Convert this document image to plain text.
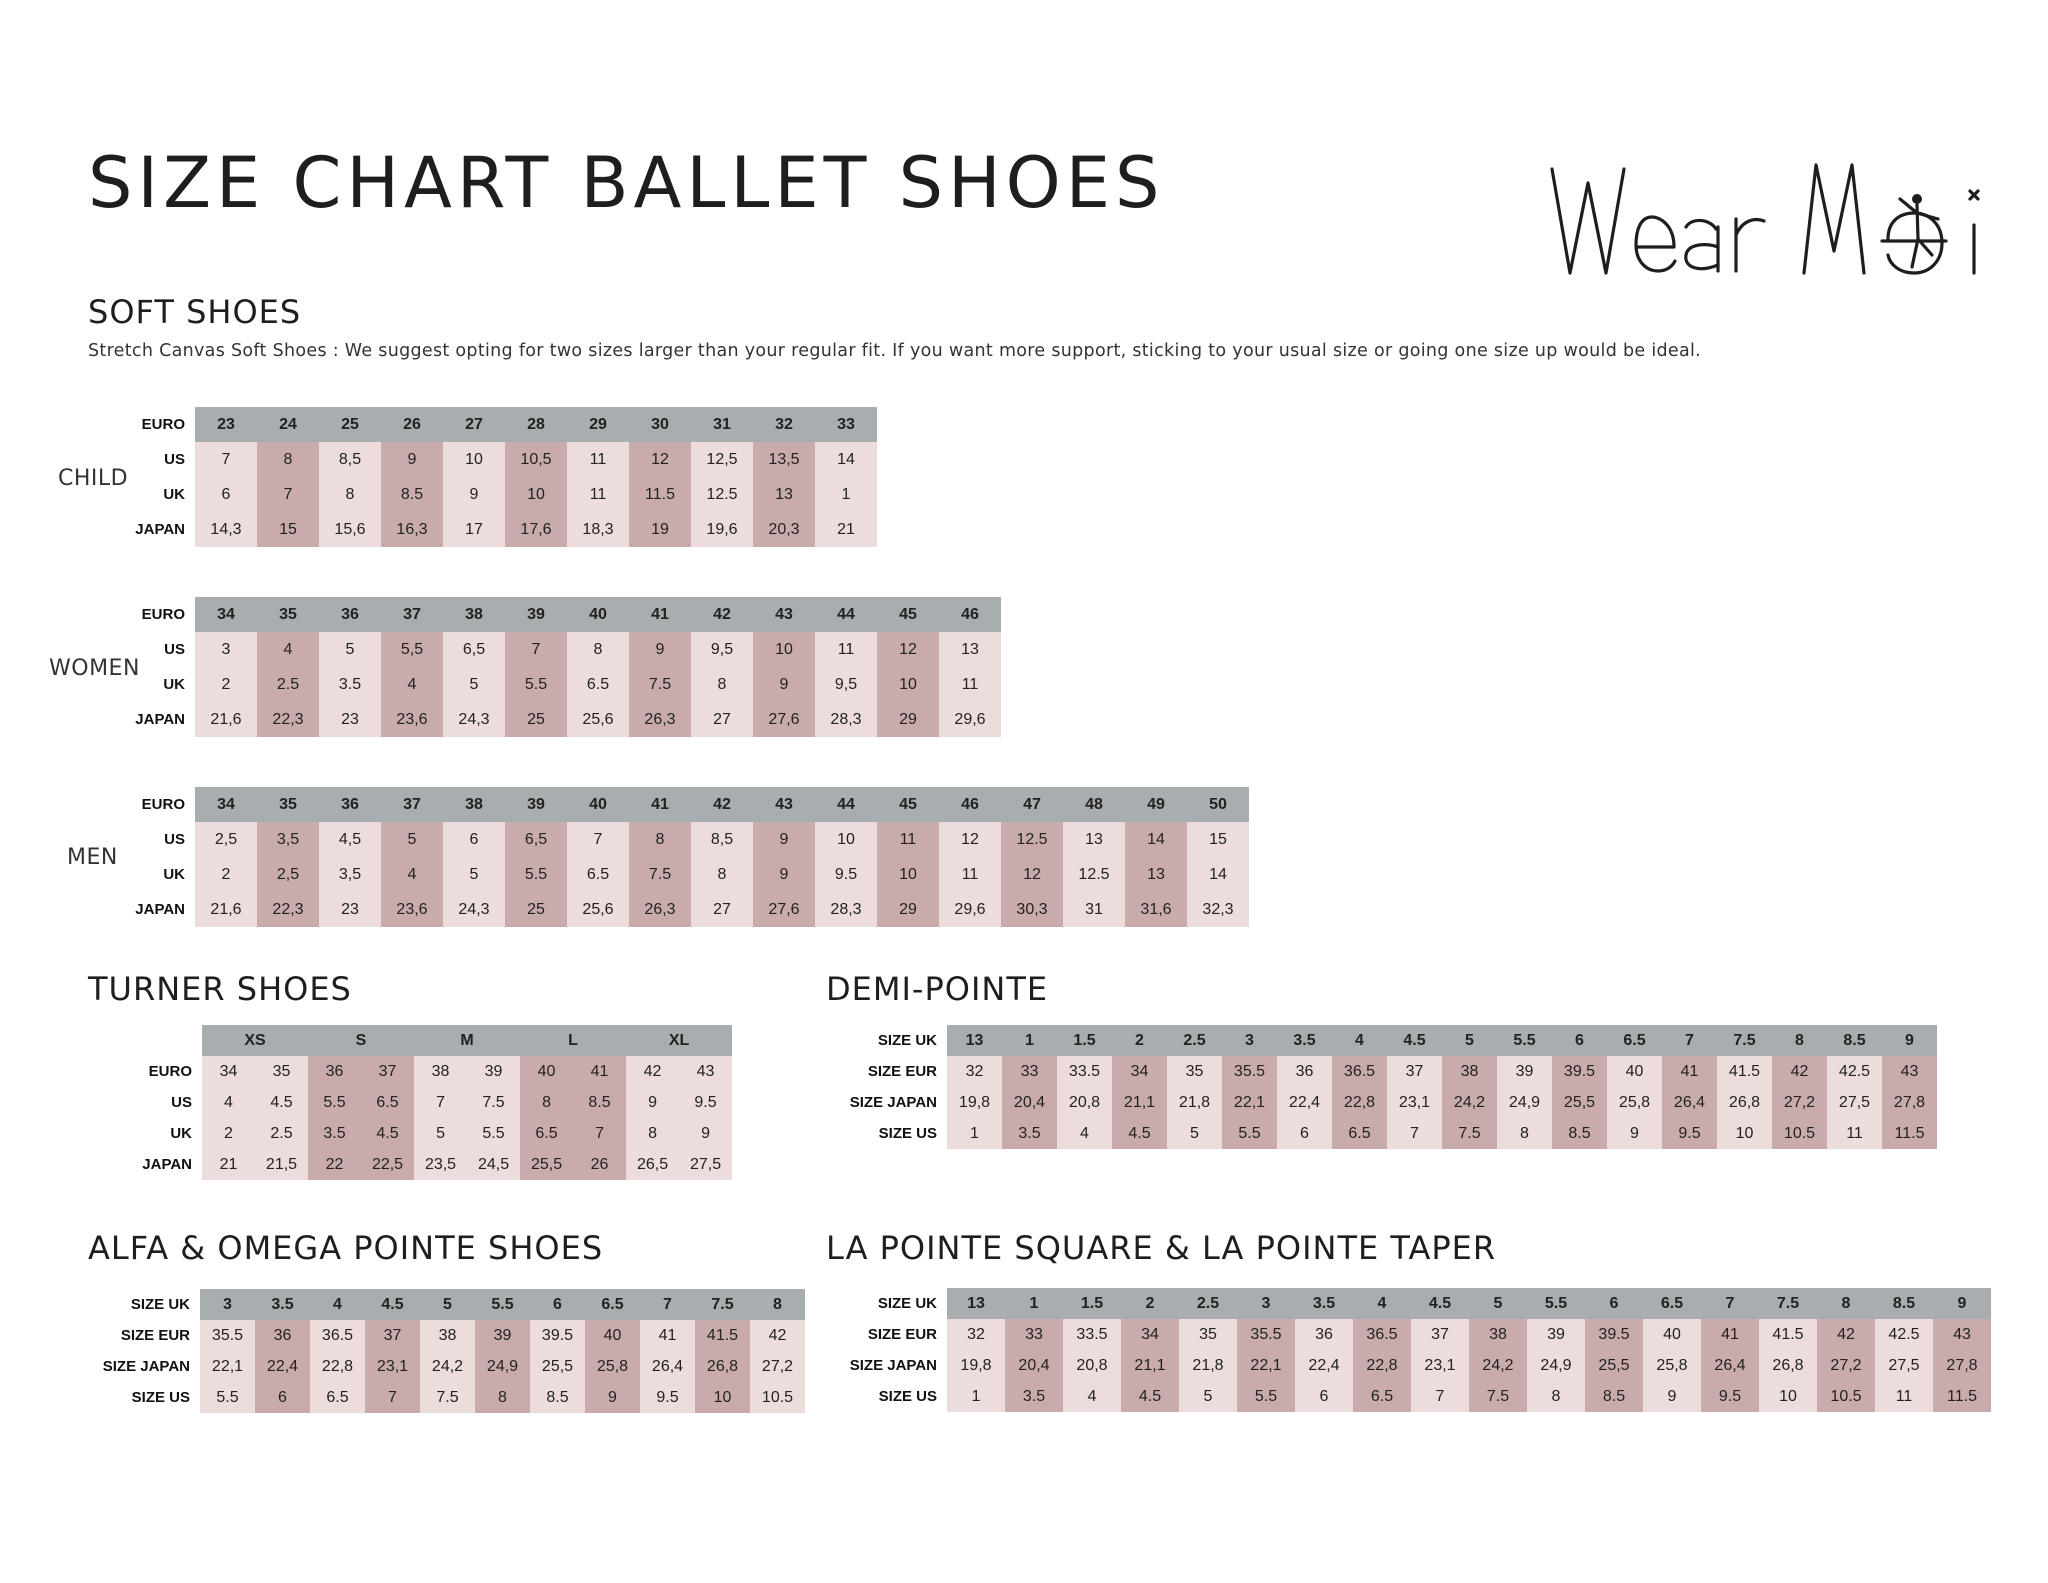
SIZE CHART BALLET SHOES
SOFT SHOES
Stretch Canvas Soft Shoes : We suggest opting for two sizes larger than your regular fit. If you want more support, sticking to your usual size or going one size up would be ideal.
CHILD
WOMEN
MEN
EURO	23	24	25	26	27	28	29	30	31	32	33
US	7	8	8,5	9	10	10,5	11	12	12,5	13,5	14
UK	6	7	8	8.5	9	10	11	11.5	12.5	13	1
JAPAN	14,3	15	15,6	16,3	17	17,6	18,3	19	19,6	20,3	21
EURO	34	35	36	37	38	39	40	41	42	43	44	45	46
US	3	4	5	5,5	6,5	7	8	9	9,5	10	11	12	13
UK	2	2.5	3.5	4	5	5.5	6.5	7.5	8	9	9,5	10	11
JAPAN	21,6	22,3	23	23,6	24,3	25	25,6	26,3	27	27,6	28,3	29	29,6
EURO	34	35	36	37	38	39	40	41	42	43	44	45	46	47	48	49	50
US	2,5	3,5	4,5	5	6	6,5	7	8	8,5	9	10	11	12	12.5	13	14	15
UK	2	2,5	3,5	4	5	5.5	6.5	7.5	8	9	9.5	10	11	12	12.5	13	14
JAPAN	21,6	22,3	23	23,6	24,3	25	25,6	26,3	27	27,6	28,3	29	29,6	30,3	31	31,6	32,3
TURNER SHOES
	XS		S		M		L		XL	
EURO	34	35	36	37	38	39	40	41	42	43
US	4	4.5	5.5	6.5	7	7.5	8	8.5	9	9.5
UK	2	2.5	3.5	4.5	5	5.5	6.5	7	8	9
JAPAN	21	21,5	22	22,5	23,5	24,5	25,5	26	26,5	27,5
DEMI-POINTE
SIZE UK	13	1	1.5	2	2.5	3	3.5	4	4.5	5	5.5	6	6.5	7	7.5	8	8.5	9
SIZE EUR	32	33	33.5	34	35	35.5	36	36.5	37	38	39	39.5	40	41	41.5	42	42.5	43
SIZE JAPAN	19,8	20,4	20,8	21,1	21,8	22,1	22,4	22,8	23,1	24,2	24,9	25,5	25,8	26,4	26,8	27,2	27,5	27,8
SIZE US	1	3.5	4	4.5	5	5.5	6	6.5	7	7.5	8	8.5	9	9.5	10	10.5	11	11.5
ALFA & OMEGA POINTE SHOES
SIZE UK	3	3.5	4	4.5	5	5.5	6	6.5	7	7.5	8
SIZE EUR	35.5	36	36.5	37	38	39	39.5	40	41	41.5	42
SIZE JAPAN	22,1	22,4	22,8	23,1	24,2	24,9	25,5	25,8	26,4	26,8	27,2
SIZE US	5.5	6	6.5	7	7.5	8	8.5	9	9.5	10	10.5
LA POINTE SQUARE & LA POINTE TAPER
SIZE UK	13	1	1.5	2	2.5	3	3.5	4	4.5	5	5.5	6	6.5	7	7.5	8	8.5	9
SIZE EUR	32	33	33.5	34	35	35.5	36	36.5	37	38	39	39.5	40	41	41.5	42	42.5	43
SIZE JAPAN	19,8	20,4	20,8	21,1	21,8	22,1	22,4	22,8	23,1	24,2	24,9	25,5	25,8	26,4	26,8	27,2	27,5	27,8
SIZE US	1	3.5	4	4.5	5	5.5	6	6.5	7	7.5	8	8.5	9	9.5	10	10.5	11	11.5
